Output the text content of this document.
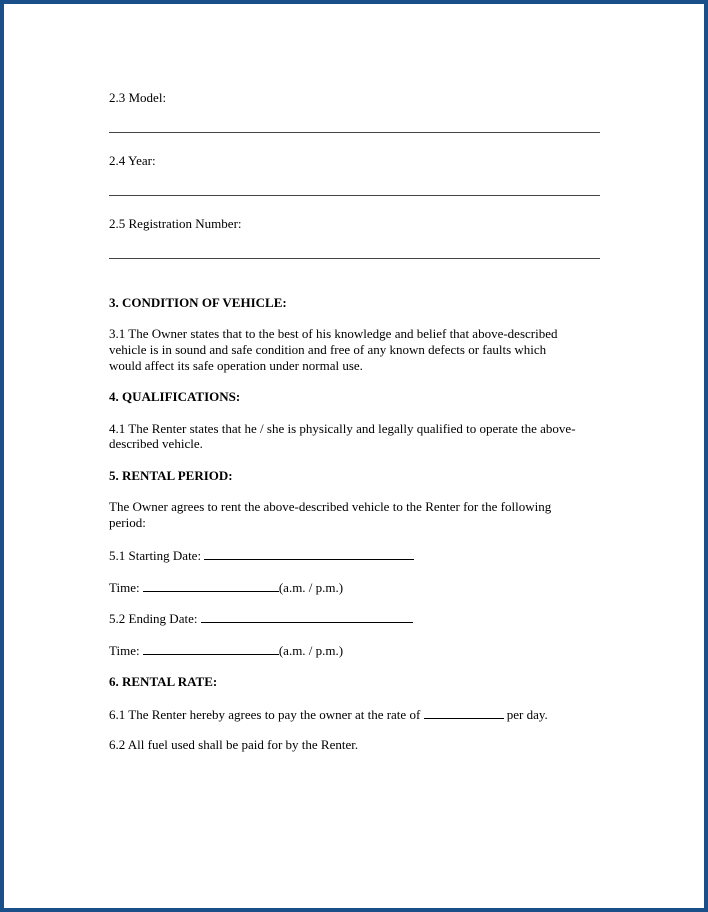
2.3 Model:
2.4 Year:
2.5 Registration Number:
3. CONDITION OF VEHICLE:
3.1 The Owner states that to the best of his knowledge and belief that above-described
vehicle is in sound and safe condition and free of any known defects or faults which
would affect its safe operation under normal use.
4. QUALIFICATIONS:
4.1 The Renter states that he / she is physically and legally qualified to operate the above-
described vehicle.
5. RENTAL PERIOD:
The Owner agrees to rent the above-described vehicle to the Renter for the following
period:
5.1 Starting Date:
Time:	(a.m. / p.m.)
5.2 Ending Date:
Time:	(a.m. / p.m.)
6. RENTAL RATE:
6.1 The Renter hereby agrees to pay the owner at the rate of	per day.
6.2 All fuel used shall be paid for by the Renter.
